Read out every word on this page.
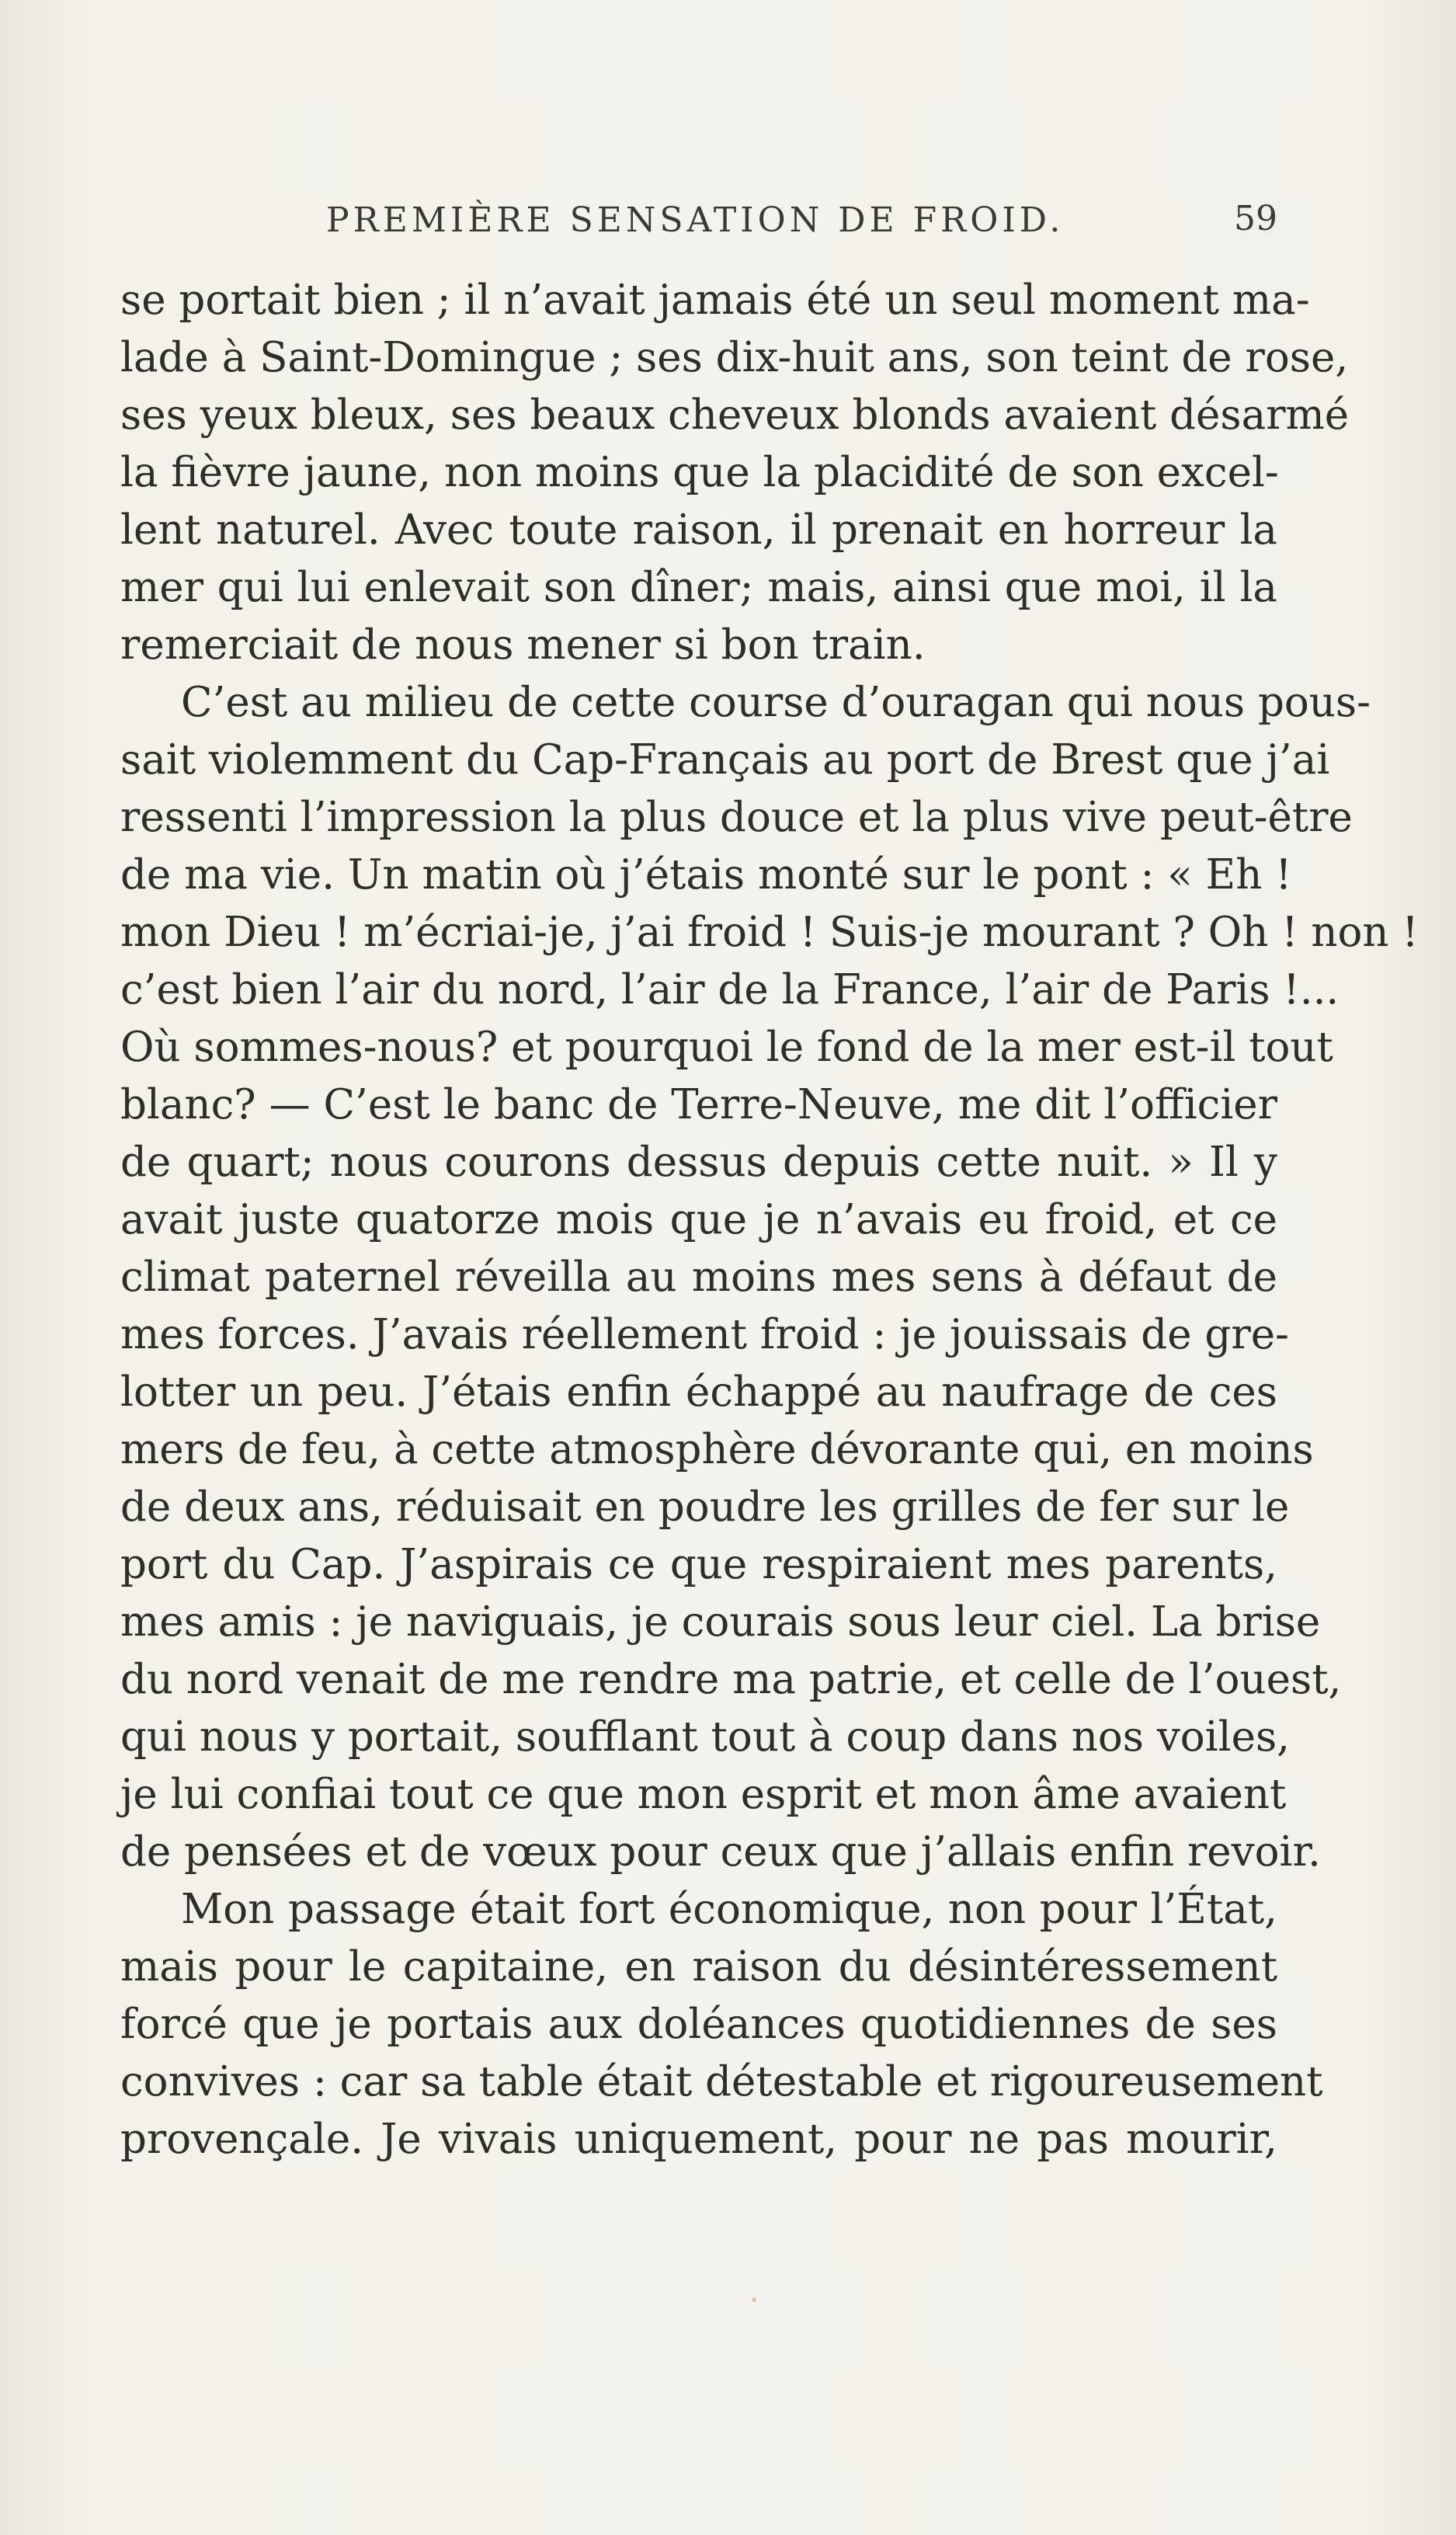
PREMIÈRE SENSATION DE FROID.	59
se portait bien ; il n’avait jamais été un seul moment ma-
lade à Saint-Domingue ; ses dix-huit ans, son teint de rose,
ses yeux bleux, ses beaux cheveux blonds avaient désarmé
la fièvre jaune, non moins que la placidité de son excel-
lent naturel. Avec toute raison, il prenait en horreur la
mer qui lui enlevait son dîner; mais, ainsi que moi, il la
remerciait de nous mener si bon train.
C’est au milieu de cette course d’ouragan qui nous pous-
sait violemment du Cap-Français au port de Brest que j’ai
ressenti l’impression la plus douce et la plus vive peut-être
de ma vie. Un matin où j’étais monté sur le pont : « Eh !
mon Dieu ! m’écriai-je, j’ai froid ! Suis-je mourant ? Oh ! non !
c’est bien l’air du nord, l’air de la France, l’air de Paris !...
Où sommes-nous? et pourquoi le fond de la mer est-il tout
blanc? — C’est le banc de Terre-Neuve, me dit l’officier
de quart; nous courons dessus depuis cette nuit. » Il y
avait juste quatorze mois que je n’avais eu froid, et ce
climat paternel réveilla au moins mes sens à défaut de
mes forces. J’avais réellement froid : je jouissais de gre-
lotter un peu. J’étais enfin échappé au naufrage de ces
mers de feu, à cette atmosphère dévorante qui, en moins
de deux ans, réduisait en poudre les grilles de fer sur le
port du Cap. J’aspirais ce que respiraient mes parents,
mes amis : je naviguais, je courais sous leur ciel. La brise
du nord venait de me rendre ma patrie, et celle de l’ouest,
qui nous y portait, soufflant tout à coup dans nos voiles,
je lui confiai tout ce que mon esprit et mon âme avaient
de pensées et de vœux pour ceux que j’allais enfin revoir.
Mon passage était fort économique, non pour l’État,
mais pour le capitaine, en raison du désintéressement
forcé que je portais aux doléances quotidiennes de ses
convives : car sa table était détestable et rigoureusement
provençale. Je vivais uniquement, pour ne pas mourir,
